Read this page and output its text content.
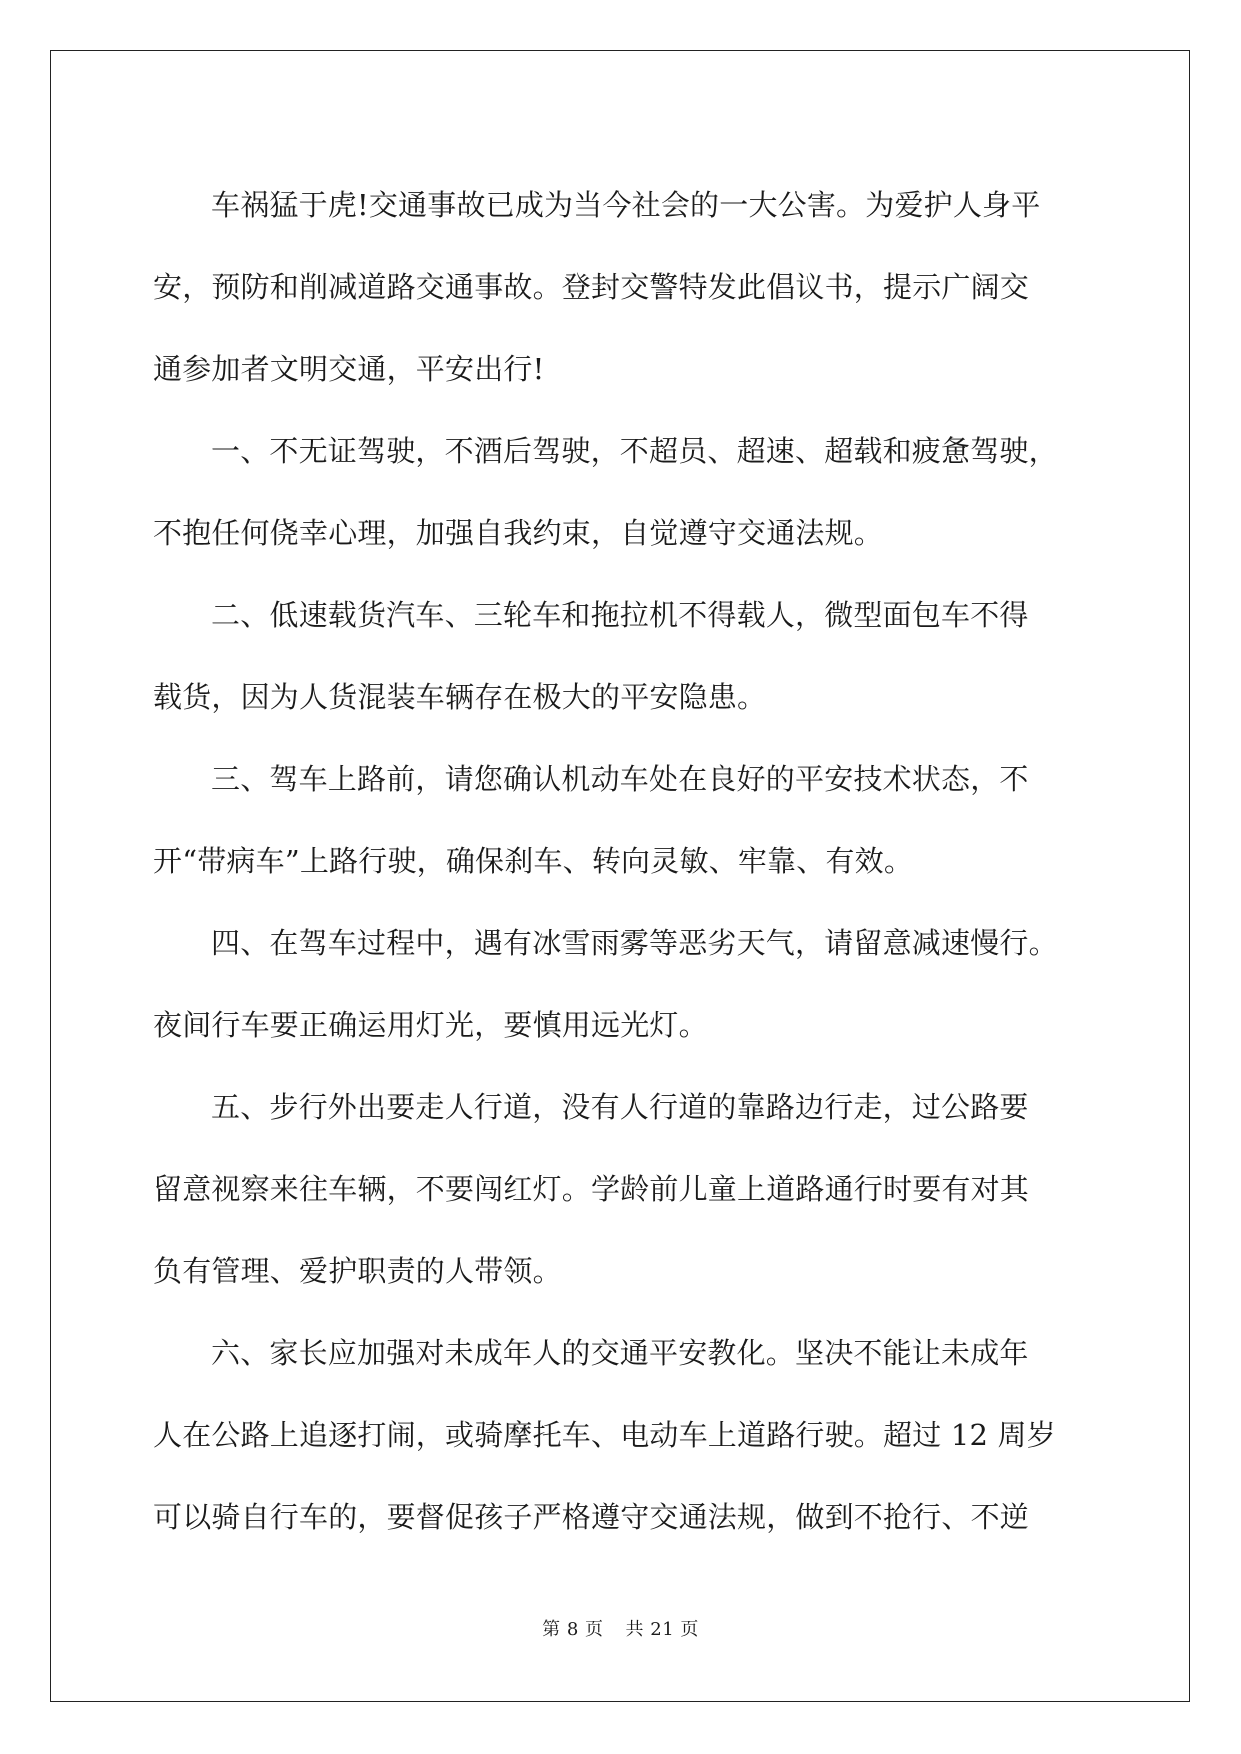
车祸猛于虎!交通事故已成为当今社会的一大公害。为爱护人身平
安，预防和削减道路交通事故。登封交警特发此倡议书，提示广阔交
通参加者文明交通，平安出行!

一、不无证驾驶，不酒后驾驶，不超员、超速、超载和疲惫驾驶，
不抱任何侥幸心理，加强自我约束，自觉遵守交通法规。

二、低速载货汽车、三轮车和拖拉机不得载人，微型面包车不得
载货，因为人货混装车辆存在极大的平安隐患。

三、驾车上路前，请您确认机动车处在良好的平安技术状态，不
开“带病车”上路行驶，确保刹车、转向灵敏、牢靠、有效。

四、在驾车过程中，遇有冰雪雨雾等恶劣天气，请留意减速慢行。
夜间行车要正确运用灯光，要慎用远光灯。

五、步行外出要走人行道，没有人行道的靠路边行走，过公路要
留意视察来往车辆，不要闯红灯。学龄前儿童上道路通行时要有对其
负有管理、爱护职责的人带领。

六、家长应加强对未成年人的交通平安教化。坚决不能让未成年
人在公路上追逐打闹，或骑摩托车、电动车上道路行驶。超过 12 周岁
可以骑自行车的，要督促孩子严格遵守交通法规，做到不抢行、不逆

第 8 页 共 21 页
